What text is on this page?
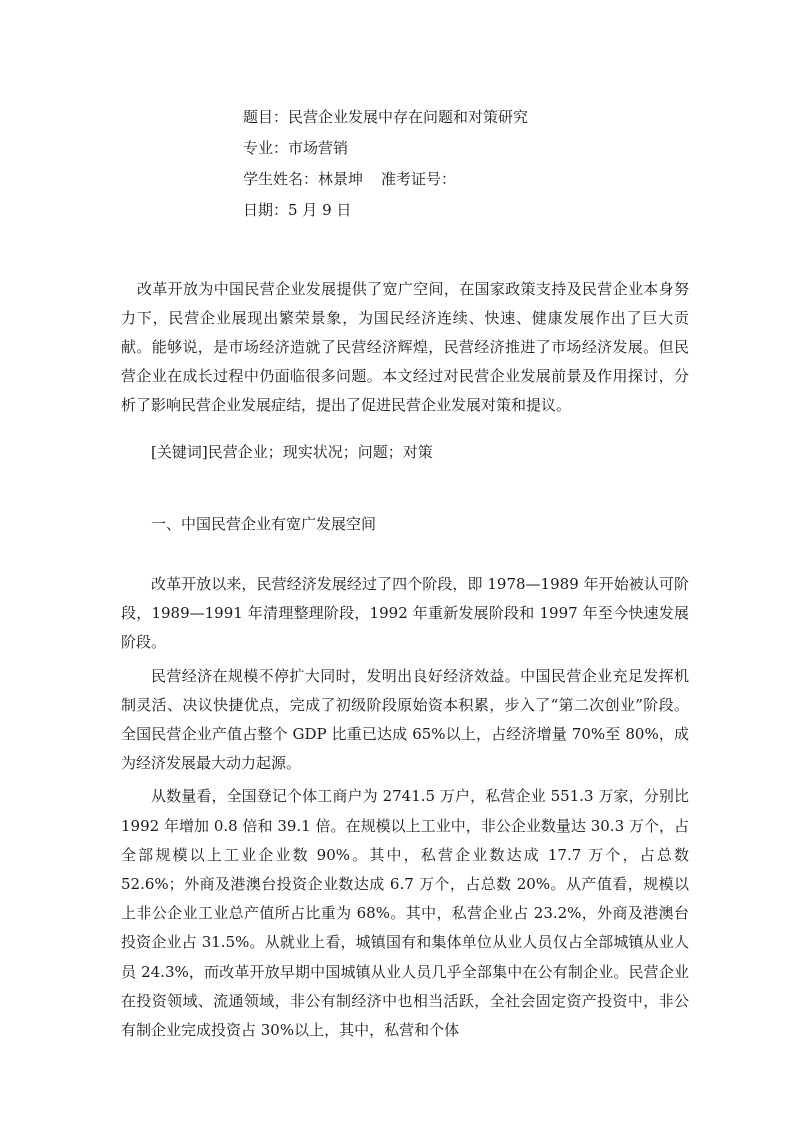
题目：民营企业发展中存在问题和对策研究
专业：市场营销
学生姓名：林景坤 准考证号：
日期：5 月 9 日

改革开放为中国民营企业发展提供了宽广空间，在国家政策支持及民营企业本身努力下，民营企业展现出繁荣景象，为国民经济连续、快速、健康发展作出了巨大贡献。能够说，是市场经济造就了民营经济辉煌，民营经济推进了市场经济发展。但民营企业在成长过程中仍面临很多问题。本文经过对民营企业发展前景及作用探讨，分析了影响民营企业发展症结，提出了促进民营企业发展对策和提议。

[关键词]民营企业；现实状况；问题；对策
一、中国民营企业有宽广发展空间

改革开放以来，民营经济发展经过了四个阶段，即 1978—1989 年开始被认可阶段，1989—1991 年清理整理阶段，1992 年重新发展阶段和 1997 年至今快速发展阶段。

民营经济在规模不停扩大同时，发明出良好经济效益。中国民营企业充足发挥机制灵活、决议快捷优点，完成了初级阶段原始资本积累，步入了“第二次创业”阶段。全国民营企业产值占整个 GDP 比重已达成 65%以上，占经济增量 70%至 80%，成为经济发展最大动力起源。

从数量看，全国登记个体工商户为 2741.5 万户，私营企业 551.3 万家，分别比 1992 年增加 0.8 倍和 39.1 倍。在规模以上工业中，非公企业数量达 30.3 万个，占全部规模以上工业企业数 90%。其中，私营企业数达成 17.7 万个，占总数 52.6%；外商及港澳台投资企业数达成 6.7 万个，占总数 20%。从产值看，规模以上非公企业工业总产值所占比重为 68%。其中，私营企业占 23.2%，外商及港澳台投资企业占 31.5%。从就业上看，城镇国有和集体单位从业人员仅占全部城镇从业人员 24.3%，而改革开放早期中国城镇从业人员几乎全部集中在公有制企业。民营企业在投资领域、流通领域，非公有制经济中也相当活跃，全社会固定资产投资中，非公有制企业完成投资占 30%以上，其中，私营和个体
